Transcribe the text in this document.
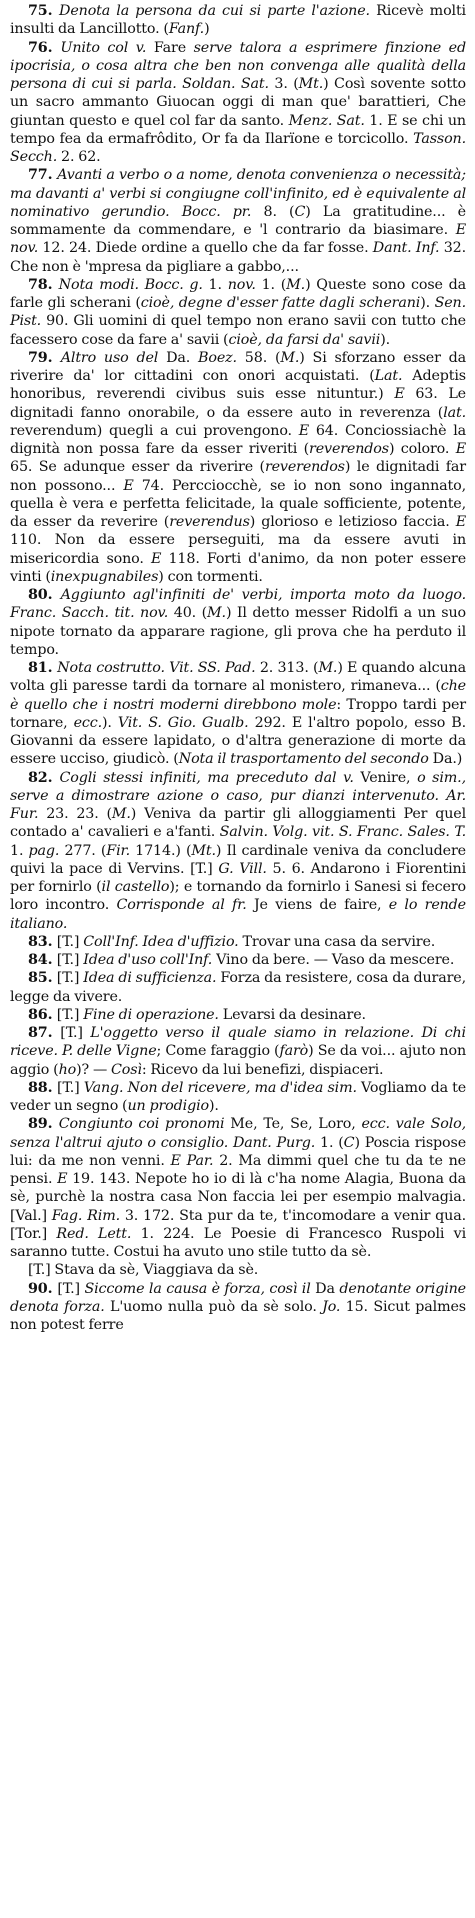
75. Denota la persona da cui si parte l'azione. Ricevè molti insulti da Lancillotto. (Fanf.)

76. Unito col v. Fare serve talora a esprimere finzione ed ipocrisia, o cosa altra che ben non convenga alle qualità della persona di cui si parla. Soldan. Sat. 3. (Mt.) Così sovente sotto un sacro ammanto Giuocan oggi di man que' barattieri, Che giuntan questo e quel col far da santo. Menz. Sat. 1. E se chi un tempo fea da ermafrôdito, Or fa da Ilarïone e torcicollo. Tasson. Secch. 2. 62.

77. Avanti a verbo o a nome, denota convenienza o necessità; ma davanti a' verbi si congiugne coll'infinito, ed è equivalente al nominativo gerundio. Bocc. pr. 8. (C) La gratitudine... è sommamente da commendare, e 'l contrario da biasimare. E nov. 12. 24. Diede ordine a quello che da far fosse. Dant. Inf. 32. Che non è 'mpresa da pigliare a gabbo,...

78. Nota modi. Bocc. g. 1. nov. 1. (M.) Queste sono cose da farle gli scherani (cioè, degne d'esser fatte dagli scherani). Sen. Pist. 90. Gli uomini di quel tempo non erano savii con tutto che facessero cose da fare a' savii (cioè, da farsi da' savii).

79. Altro uso del Da. Boez. 58. (M.) Si sforzano esser da riverire da' lor cittadini con onori acquistati. (Lat. Adeptis honoribus, reverendi civibus suis esse nituntur.) E 63. Le dignitadi fanno onorabile, o da essere auto in reverenza (lat. reverendum) quegli a cui provengono. E 64. Conciossiachè la dignità non possa fare da esser riveriti (reverendos) coloro. E 65. Se adunque esser da riverire (reverendos) le dignitadi far non possono... E 74. Percciocchè, se io non sono ingannato, quella è vera e perfetta felicitade, la quale sofficiente, potente, da esser da reverire (reverendus) glorioso e letizioso faccia. E 110. Non da essere perseguiti, ma da essere avuti in misericordia sono. E 118. Forti d'animo, da non poter essere vinti (inexpugnabiles) con tormenti.

80. Aggiunto agl'infiniti de' verbi, importa moto da luogo. Franc. Sacch. tit. nov. 40. (M.) Il detto messer Ridolfi a un suo nipote tornato da apparare ragione, gli prova che ha perduto il tempo.

81. Nota costrutto. Vit. SS. Pad. 2. 313. (M.) E quando alcuna volta gli paresse tardi da tornare al monistero, rimaneva... (che è quello che i nostri moderni direbbono mole: Troppo tardi per tornare, ecc.). Vit. S. Gio. Gualb. 292. E l'altro popolo, esso B. Giovanni da essere lapidato, o d'altra generazione di morte da essere ucciso, giudicò. (Nota il trasportamento del secondo Da.)

82. Cogli stessi infiniti, ma preceduto dal v. Venire, o sim., serve a dimostrare azione o caso, pur dianzi intervenuto. Ar. Fur. 23. 23. (M.) Veniva da partir gli alloggiamenti Per quel contado a' cavalieri e a'fanti. Salvin. Volg. vit. S. Franc. Sales. T. 1. pag. 277. (Fir. 1714.) (Mt.) Il cardinale veniva da concludere quivi la pace di Vervins. [T.] G. Vill. 5. 6. Andarono i Fiorentini per fornirlo (il castello); e tornando da fornirlo i Sanesi si fecero loro incontro. Corrisponde al fr. Je viens de faire, e lo rende italiano.

83. [T.] Coll'Inf. Idea d'uffizio. Trovar una casa da servire.

84. [T.] Idea d'uso coll'Inf. Vino da bere. — Vaso da mescere.

85. [T.] Idea di sufficienza. Forza da resistere, cosa da durare, legge da vivere.

86. [T.] Fine di operazione. Levarsi da desinare.

87. [T.] L'oggetto verso il quale siamo in relazione. Di chi riceve. P. delle Vigne; Come faraggio (farò) Se da voi... ajuto non aggio (ho)? — Così: Ricevo da lui benefizi, dispiaceri.

88. [T.] Vang. Non del ricevere, ma d'idea sim. Vogliamo da te veder un segno (un prodigio).

89. Congiunto coi pronomi Me, Te, Se, Loro, ecc. vale Solo, senza l'altrui ajuto o consiglio. Dant. Purg. 1. (C) Poscia rispose lui: da me non venni. E Par. 2. Ma dimmi quel che tu da te ne pensi. E 19. 143. Nepote ho io di là c'ha nome Alagia, Buona da sè, purchè la nostra casa Non faccia lei per esempio malvagia. [Val.] Fag. Rim. 3. 172. Sta pur da te, t'incomodare a venir qua. [Tor.] Red. Lett. 1. 224. Le Poesie di Francesco Ruspoli vi saranno tutte. Costui ha avuto uno stile tutto da sè.

[T.] Stava da sè, Viaggiava da sè.

90. [T.] Siccome la causa è forza, così il Da denotante origine denota forza. L'uomo nulla può da sè solo. Jo. 15. Sicut palmes non potest ferre
